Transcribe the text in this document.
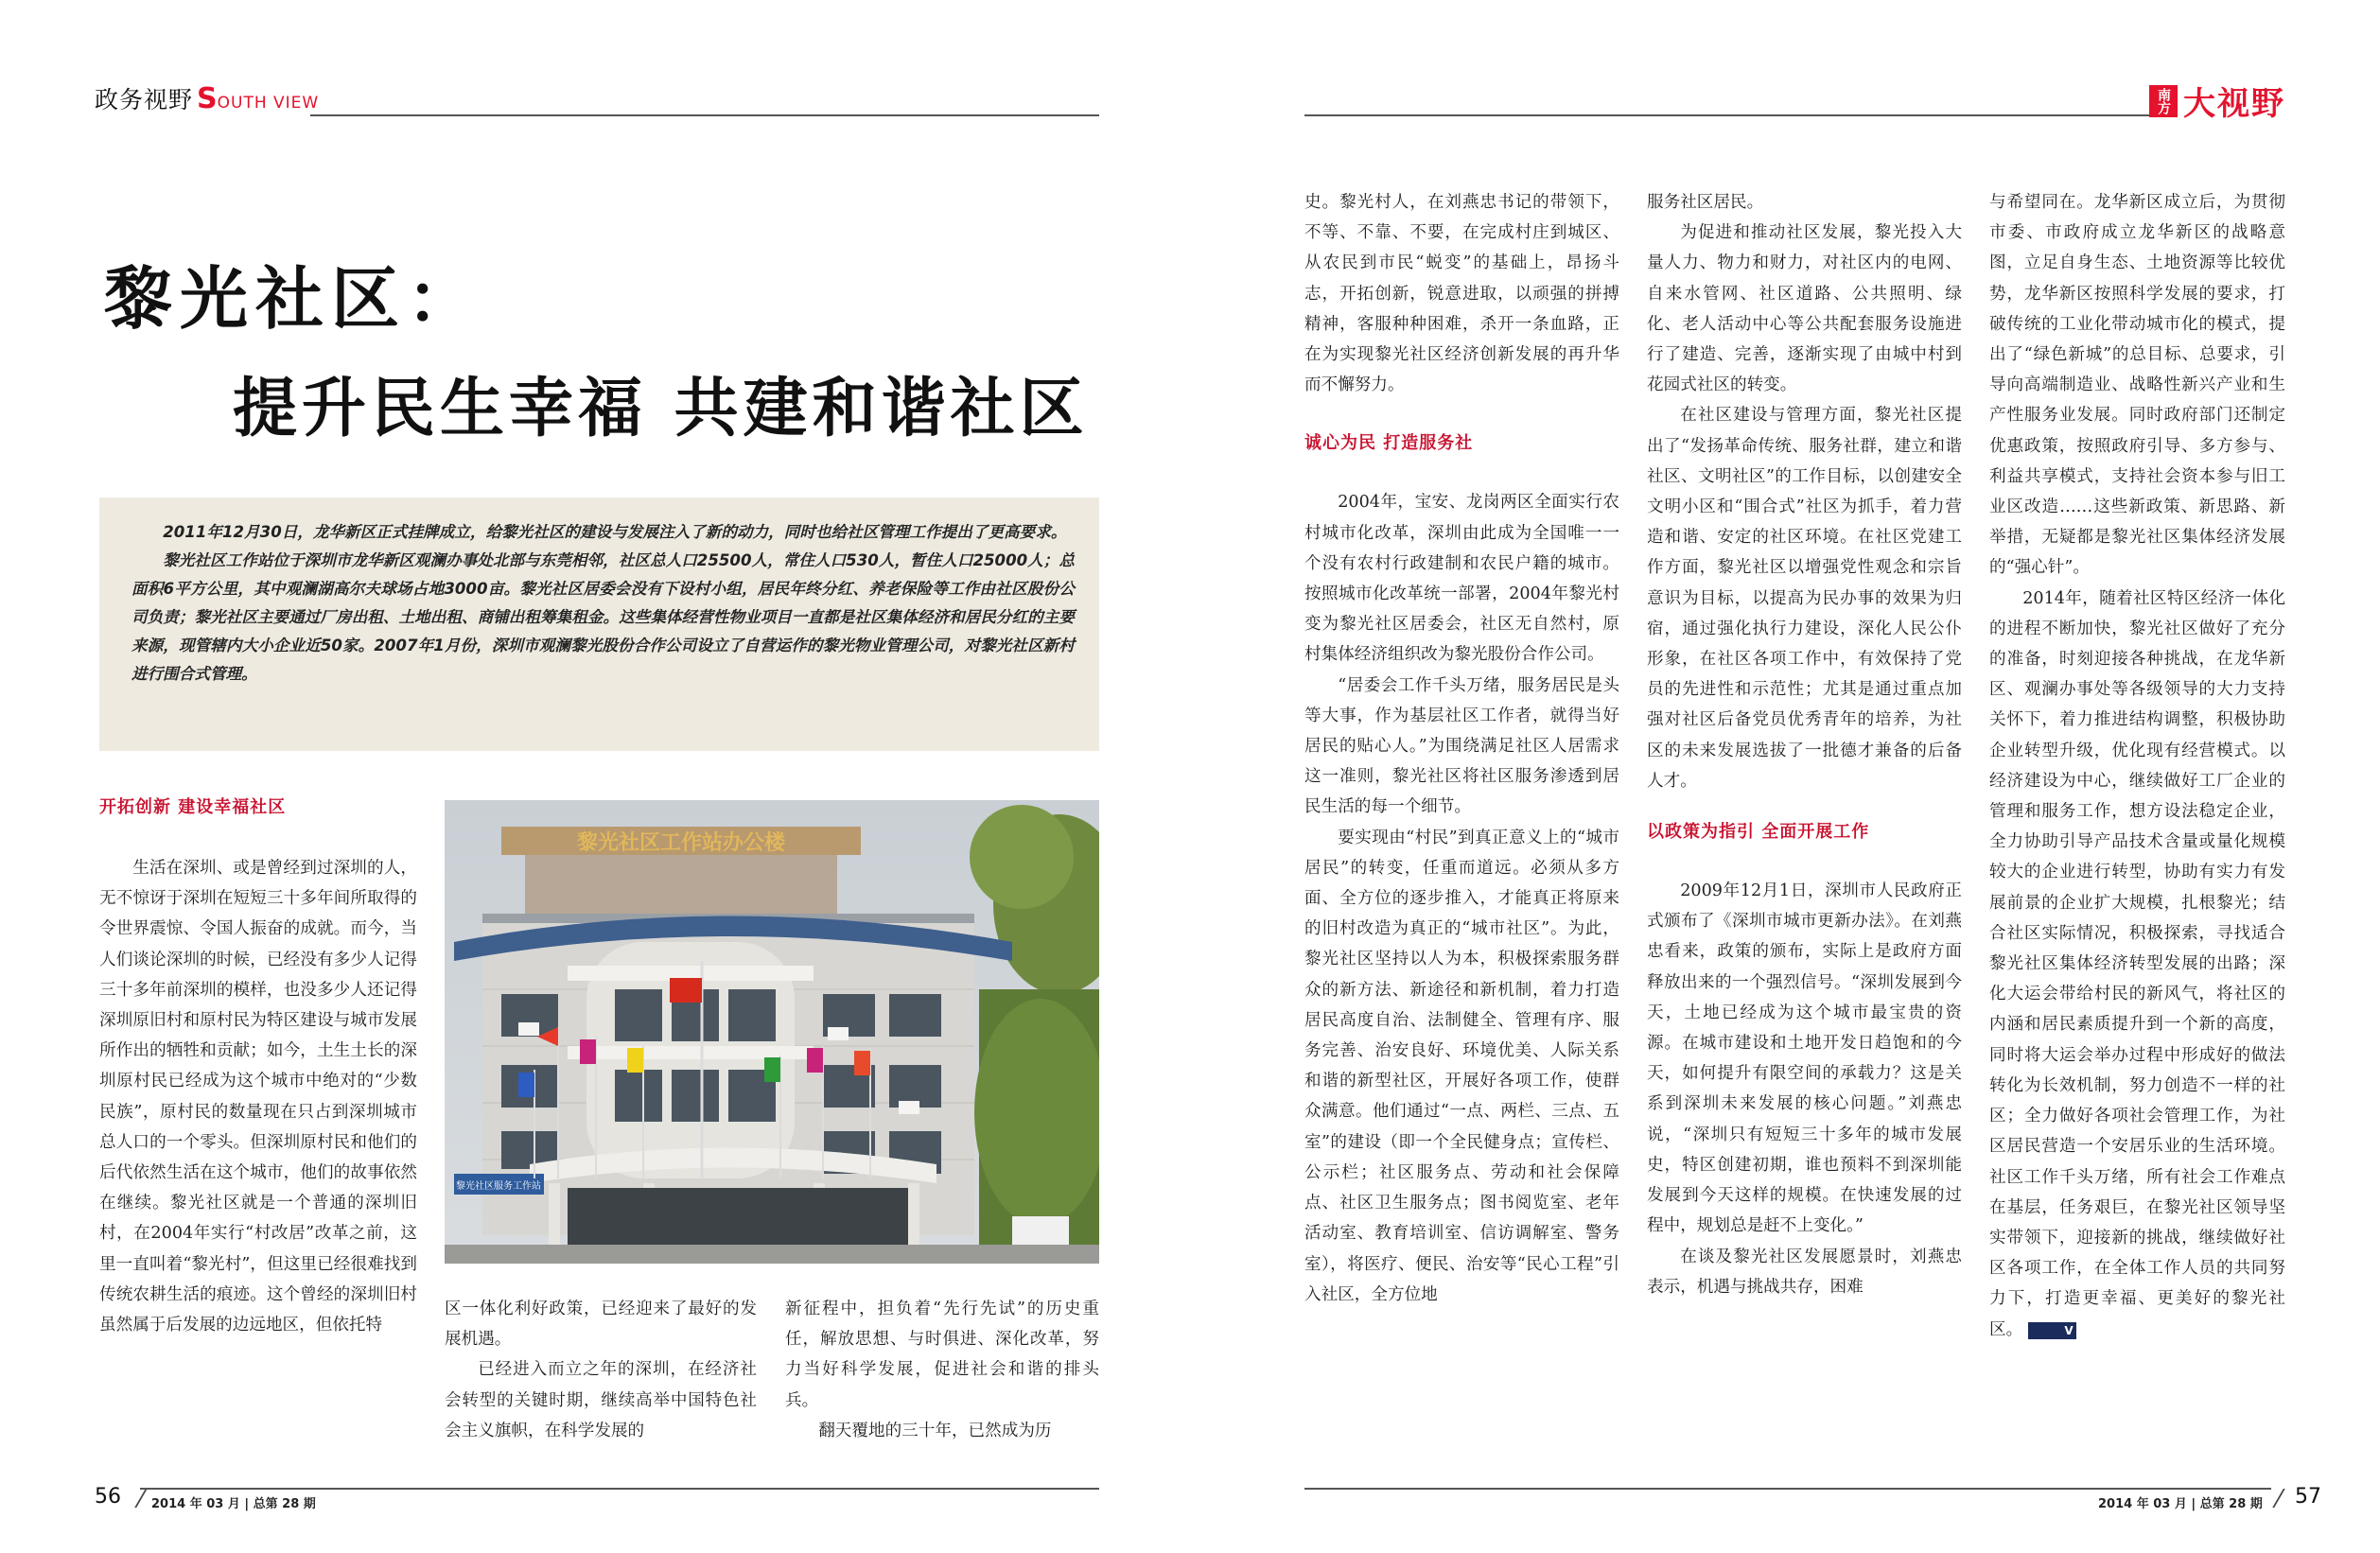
政务视野 SOUTH VIEW
黎光社区：
提升民生幸福 共建和谐社区

2011年12月30日，龙华新区正式挂牌成立，给黎光社区的建设与发展注入了新的动力，同时也给社区管理工作提出了更高要求。

黎光社区工作站位于深圳市龙华新区观澜办事处北部与东莞相邻，社区总人口25500人，常住人口530人，暂住人口25000人；总面积6平方公里，其中观澜湖高尔夫球场占地3000亩。黎光社区居委会没有下设村小组，居民年终分红、养老保险等工作由社区股份公司负责；黎光社区主要通过厂房出租、土地出租、商铺出租筹集租金。这些集体经营性物业项目一直都是社区集体经济和居民分红的主要来源，现管辖内大小企业近50家。2007年1月份，深圳市观澜黎光股份合作公司设立了自营运作的黎光物业管理公司，对黎光社区新村进行围合式管理。

开拓创新 建设幸福社区

生活在深圳、或是曾经到过深圳的人，无不惊讶于深圳在短短三十多年间所取得的令世界震惊、令国人振奋的成就。而今，当人们谈论深圳的时候，已经没有多少人记得三十多年前深圳的模样，也没多少人还记得深圳原旧村和原村民为特区建设与城市发展所作出的牺牲和贡献；如今，土生土长的深圳原村民已经成为这个城市中绝对的“少数民族”，原村民的数量现在只占到深圳城市总人口的一个零头。但深圳原村民和他们的后代依然生活在这个城市，他们的故事依然在继续。黎光社区就是一个普通的深圳旧村，在2004年实行“村改居”改革之前，这里一直叫着“黎光村”，但这里已经很难找到传统农耕生活的痕迹。这个曾经的深圳旧村虽然属于后发展的边远地区，但依托特

黎光社区工作站办公楼
黎光社区服务工作站

区一体化利好政策，已经迎来了最好的发展机遇。

已经进入而立之年的深圳，在经济社会转型的关键时期，继续高举中国特色社会主义旗帜，在科学发展的

新征程中，担负着“先行先试”的历史重任，解放思想、与时俱进、深化改革，努力当好科学发展，促进社会和谐的排头兵。

翻天覆地的三十年，已然成为历

56 2014 年 03 月 | 总第 28 期
南方 大视野

史。黎光村人，在刘燕忠书记的带领下，不等、不靠、不要，在完成村庄到城区、从农民到市民“蜕变”的基础上，昂扬斗志，开拓创新，锐意进取，以顽强的拼搏精神，客服种种困难，杀开一条血路，正在为实现黎光社区经济创新发展的再升华而不懈努力。

诚心为民 打造服务社

2004年，宝安、龙岗两区全面实行农村城市化改革，深圳由此成为全国唯一一个没有农村行政建制和农民户籍的城市。按照城市化改革统一部署，2004年黎光村变为黎光社区居委会，社区无自然村，原村集体经济组织改为黎光股份合作公司。

“居委会工作千头万绪，服务居民是头等大事，作为基层社区工作者，就得当好居民的贴心人。”为围绕满足社区人居需求这一准则，黎光社区将社区服务渗透到居民生活的每一个细节。

要实现由“村民”到真正意义上的“城市居民”的转变，任重而道远。必须从多方面、全方位的逐步推入，才能真正将原来的旧村改造为真正的“城市社区”。为此，黎光社区坚持以人为本，积极探索服务群众的新方法、新途径和新机制，着力打造居民高度自治、法制健全、管理有序、服务完善、治安良好、环境优美、人际关系和谐的新型社区，开展好各项工作，使群众满意。他们通过“一点、两栏、三点、五室”的建设（即一个全民健身点；宣传栏、公示栏；社区服务点、劳动和社会保障点、社区卫生服务点；图书阅览室、老年活动室、教育培训室、信访调解室、警务室），将医疗、便民、治安等“民心工程”引入社区，全方位地

服务社区居民。

为促进和推动社区发展，黎光投入大量人力、物力和财力，对社区内的电网、自来水管网、社区道路、公共照明、绿化、老人活动中心等公共配套服务设施进行了建造、完善，逐渐实现了由城中村到花园式社区的转变。

在社区建设与管理方面，黎光社区提出了“发扬革命传统、服务社群，建立和谐社区、文明社区”的工作目标，以创建安全文明小区和“围合式”社区为抓手，着力营造和谐、安定的社区环境。在社区党建工作方面，黎光社区以增强党性观念和宗旨意识为目标，以提高为民办事的效果为归宿，通过强化执行力建设，深化人民公仆形象，在社区各项工作中，有效保持了党员的先进性和示范性；尤其是通过重点加强对社区后备党员优秀青年的培养，为社区的未来发展选拔了一批德才兼备的后备人才。

以政策为指引 全面开展工作

2009年12月1日，深圳市人民政府正式颁布了《深圳市城市更新办法》。在刘燕忠看来，政策的颁布，实际上是政府方面释放出来的一个强烈信号。“深圳发展到今天，土地已经成为这个城市最宝贵的资源。在城市建设和土地开发日趋饱和的今天，如何提升有限空间的承载力？这是关系到深圳未来发展的核心问题。”刘燕忠说，“深圳只有短短三十多年的城市发展史，特区创建初期，谁也预料不到深圳能发展到今天这样的规模。在快速发展的过程中，规划总是赶不上变化。”

在谈及黎光社区发展愿景时，刘燕忠表示，机遇与挑战共存，困难

与希望同在。龙华新区成立后，为贯彻市委、市政府成立龙华新区的战略意图，立足自身生态、土地资源等比较优势，龙华新区按照科学发展的要求，打破传统的工业化带动城市化的模式，提出了“绿色新城”的总目标、总要求，引导向高端制造业、战略性新兴产业和生产性服务业发展。同时政府部门还制定优惠政策，按照政府引导、多方参与、利益共享模式，支持社会资本参与旧工业区改造……这些新政策、新思路、新举措，无疑都是黎光社区集体经济发展的“强心针”。

2014年，随着社区特区经济一体化的进程不断加快，黎光社区做好了充分的准备，时刻迎接各种挑战，在龙华新区、观澜办事处等各级领导的大力支持关怀下，着力推进结构调整，积极协助企业转型升级，优化现有经营模式。以经济建设为中心，继续做好工厂企业的管理和服务工作，想方设法稳定企业，全力协助引导产品技术含量或量化规模较大的企业进行转型，协助有实力有发展前景的企业扩大规模，扎根黎光；结合社区实际情况，积极探索，寻找适合黎光社区集体经济转型发展的出路；深化大运会带给村民的新风气，将社区的内涵和居民素质提升到一个新的高度，同时将大运会举办过程中形成好的做法转化为长效机制，努力创造不一样的社区；全力做好各项社会管理工作，为社区居民营造一个安居乐业的生活环境。社区工作千头万绪，所有社会工作难点在基层，任务艰巨，在黎光社区领导坚实带领下，迎接新的挑战，继续做好社区各项工作，在全体工作人员的共同努力下，打造更幸福、更美好的黎光社区。	V

2014 年 03 月 | 总第 28 期 57
